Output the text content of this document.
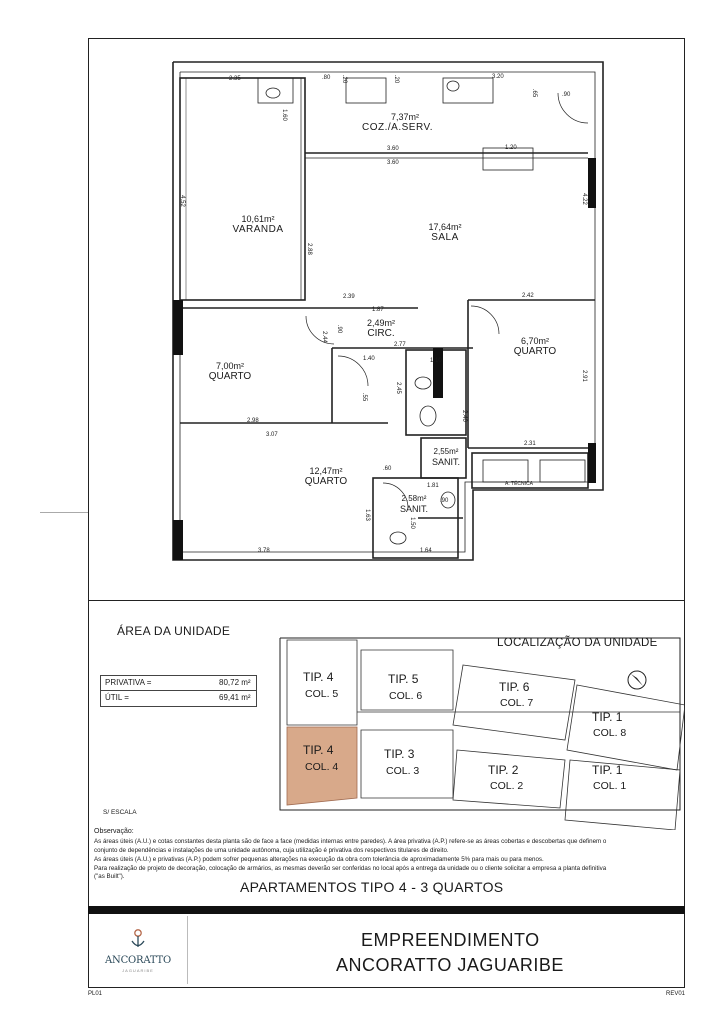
7,37m²
COZ./A.SERV.
10,61m²
VARANDA	17,64m²
SALA
2,49m²
CIRC.
6,70m²
QUARTO
7,00m²
QUARTO
12,47m²
QUARTO
2,55m²
SANIT.
2,58m²
SANIT.
A. TÉCNICA
2.35
1.60
.80 .20	.20	3.20
.65	.90
3.60
3.60
1.20
4.52	4.22
2.88
2.39
1.87
.90
2.44
2.42
2.77
1.40	1.10
2.45
.55
2.40
2.91
2.98
3.07
2.31
.60
1.81
1.63
1.50
.90
3.78	1.64
ÁREA DA UNIDADE
PRIVATIVA =	80,72 m²
ÚTIL =	69,41 m²
LOCALIZAÇÃO DA UNIDADE
TIP. 4
COL. 5
TIP. 5
COL. 6
TIP. 6
COL. 7
TIP. 1
COL. 8
TIP. 4
COL. 4
TIP. 3
COL. 3	TIP. 2
COL. 2
TIP. 1
COL. 1
S/ ESCALA
Observação:
As áreas úteis (A.U.) e cotas constantes desta planta são de face a face (medidas internas entre paredes). A área privativa (A.P.) refere-se as áreas cobertas e descobertas que definem o
conjunto de dependências e instalações de uma unidade autônoma, cuja utilização é privativa dos respectivos titulares de direito.
As áreas úteis (A.U.) e privativas (A.P.) podem sofrer pequenas alterações na execução da obra com tolerância de aproximadamente 5% para mais ou para menos.
Para realização de projeto de decoração, colocação de armários, as mesmas deverão ser conferidas no local após a entrega da unidade ou o cliente solicitar a empresa a planta definitiva
("as Built").
APARTAMENTOS TIPO 4 - 3 QUARTOS
ANCORATTO
JAGUARIBE
EMPREENDIMENTO
ANCORATTO JAGUARIBE
PL01	REV01
